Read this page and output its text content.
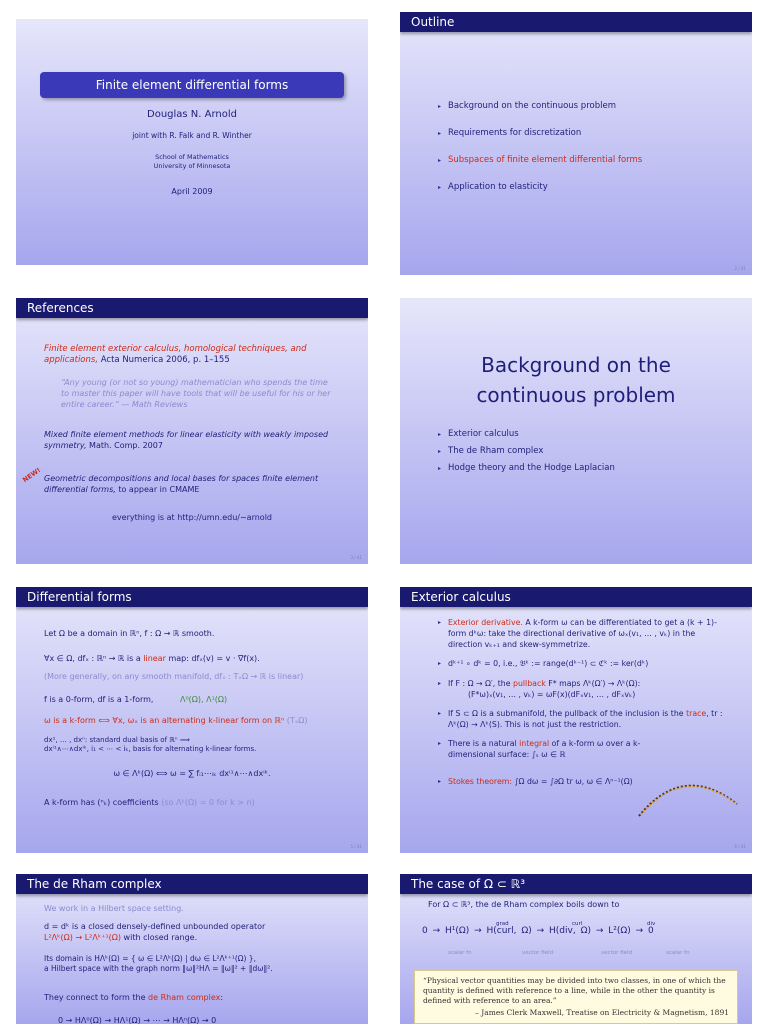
Finite element differential forms
Douglas N. Arnold
joint with R. Falk and R. Winther
School of Mathematics
University of Minnesota
April 2009
Outline
▸ Background on the continuous problem
▸ Requirements for discretization
▸ Subspaces of finite element differential forms
▸ Application to elasticity
2 / 41
References
Finite element exterior calculus, homological techniques, and applications, Acta Numerica 2006, p. 1–155
“Any young (or not so young) mathematician who spends the time to master this paper will have tools that will be useful for his or her entire career.” — Math Reviews
Mixed finite element methods for linear elasticity with weakly imposed symmetry, Math. Comp. 2007
NEW! Geometric decompositions and local bases for spaces finite element differential forms, to appear in CMAME
everything is at http://umn.edu/∼arnold
3 / 41
Background on the
continuous problem
▸ Exterior calculus
▸ The de Rham complex
▸ Hodge theory and the Hodge Laplacian
Differential forms
Let Ω be a domain in ℝⁿ, f : Ω → ℝ smooth.
∀x ∈ Ω, dfₓ : ℝⁿ → ℝ is a linear map: dfₓ(v) = v · ∇f(x).
(More generally, on any smooth manifold, dfₓ : TₓΩ → ℝ is linear)
f is a 0-form, df is a 1-form,	Λ⁰(Ω), Λ¹(Ω)
ω is a k-form ⟺ ∀x, ωₓ is an alternating k-linear form on ℝⁿ (TₓΩ)
dx¹, … , dxⁿ: standard dual basis of ℝⁿ ⟹
dxⁱ¹∧⋯∧dxⁱᵏ, i₁ < ⋯ < iₖ, basis for alternating k-linear forms.
ω ∈ Λᵏ(Ω) ⟺ ω = ∑ fᵢ₁⋯ᵢₖ dxⁱ¹∧⋯∧dxⁱᵏ.
A k-form has (ⁿₖ) coefficients (so Λᵏ(Ω) = 0 for k > n)
5 / 41
Exterior calculus
▸ Exterior derivative. A k-form ω can be differentiated to get a (k + 1)-form dᵏω: take the directional derivative of ωₓ(v₁, … , vₖ) in the direction vₖ₊₁ and skew-symmetrize.
▸ dᵏ⁺¹ ∘ dᵏ = 0, i.e., 𝔅ᵏ := range(dᵏ⁻¹) ⊂ ℭᵏ := ker(dᵏ)
▸ If F : Ω → Ω′, the pullback F* maps Λᵏ(Ω′) → Λᵏ(Ω):
(F*ω)ₓ(v₁, … , vₖ) = ωF(x)(dFₓv₁, … , dFₓvₖ)
▸ If S ⊂ Ω is a submanifold, the pullback of the inclusion is the trace, tr : Λᵏ(Ω) → Λᵏ(S). This is not just the restriction.
▸ There is a natural integral of a k-form ω over a k-dimensional surface: ∫ₛ ω ∈ ℝ
▸ Stokes theorem: ∫Ω dω = ∫∂Ω tr ω, ω ∈ Λⁿ⁻¹(Ω)
6 / 41
The de Rham complex
We work in a Hilbert space setting.
d = dᵏ is a closed densely-defined unbounded operator
L²Λᵏ(Ω) → L²Λᵏ⁺¹(Ω) with closed range.
Its domain is HΛᵏ(Ω) = { ω ∈ L²Λᵏ(Ω) | dω ∈ L²Λᵏ⁺¹(Ω) },
a Hilbert space with the graph norm ‖ω‖²HΛ = ‖ω‖² + ‖dω‖².
They connect to form the de Rham complex:
0 → HΛ⁰(Ω) → HΛ¹(Ω) → ⋯ → HΛⁿ(Ω) → 0
The case of Ω ⊂ ℝ³
For Ω ⊂ ℝ³, the de Rham complex boils down to
grad	curl	div
0 → H¹(Ω) → H(curl, Ω) → H(div, Ω) → L²(Ω) → 0
scalar fn	vector field	vector field	scalar fn
“Physical vector quantities may be divided into two classes, in one of which the quantity is defined with reference to a line, while in the other the quantity is defined with reference to an area.”
– James Clerk Maxwell, Treatise on Electricity & Magnetism, 1891
